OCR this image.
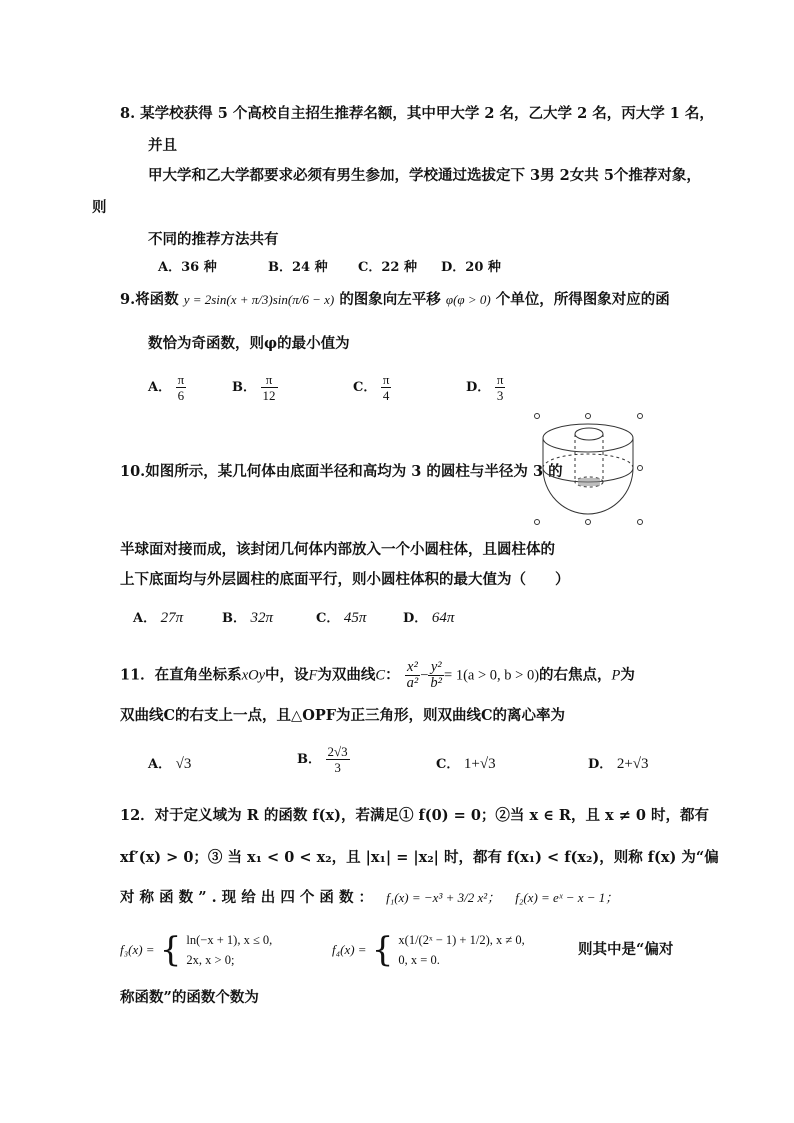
8. 某学校获得 5 个高校自主招生推荐名额，其中甲大学 2 名，乙大学 2 名，丙大学 1 名，
并且
甲大学和乙大学都要求必须有男生参加，学校通过选拔定下 3男 2女共 5个推荐对象，
则
不同的推荐方法共有
A．36 种	B．24 种 C．22 种 D．20 种
9.将函数 y = 2sin(x + π/3)sin(π/6 − x) 的图象向左平移 φ(φ > 0) 个单位，所得图象对应的函
数恰为奇函数，则φ的最小值为
A． $\frac{\pi}{6}$	B． $\frac{\pi}{12}$	C． $\frac{\pi}{4}$	D． $\frac{\pi}{3}$
10.如图所示，某几何体由底面半径和高均为 3 的圆柱与半径为 3 的
半球面对接而成，该封闭几何体内部放入一个小圆柱体，且圆柱体的
上下底面均与外层圆柱的底面平行，则小圆柱体积的最大值为（　　）
A． 27π	B． 32π	C． 45π	D． 64π
11．在直角坐标系xOy中，设F为双曲线C： $\frac{\text{x²}}{\text{a²}} - \frac{\text{y²}}{\text{b²}} = 1(a > 0$, b > 0)的右焦点，P为
双曲线C的右支上一点，且△OPF为正三角形，则双曲线C的离心率为
A． √3	B． $\frac{2√3}{3}$	C． 1+√3	D． 2+√3
12．对于定义域为 R 的函数 f(x)，若满足① f(0) = 0；②当 x ∈ R，且 x ≠ 0 时，都有
xf′(x) > 0；③ 当 x₁ < 0 < x₂，且 |x₁| = |x₂| 时，都有 f(x₁) < f(x₂)，则称 f(x) 为“偏
对 称 函 数 ” . 现 给 出 四 个 函 数 ： f₁(x) = −x³ + 3/2 x²； f₂(x) = eˣ − x − 1；
f₃(x) = { ln(−x + 1), x ≤ 0,
2x, x > 0;
f₄(x) = { x(1/(2ˣ − 1) + 1/2), x ≠ 0,
0, x = 0.
则其中是“偏对
称函数”的函数个数为
